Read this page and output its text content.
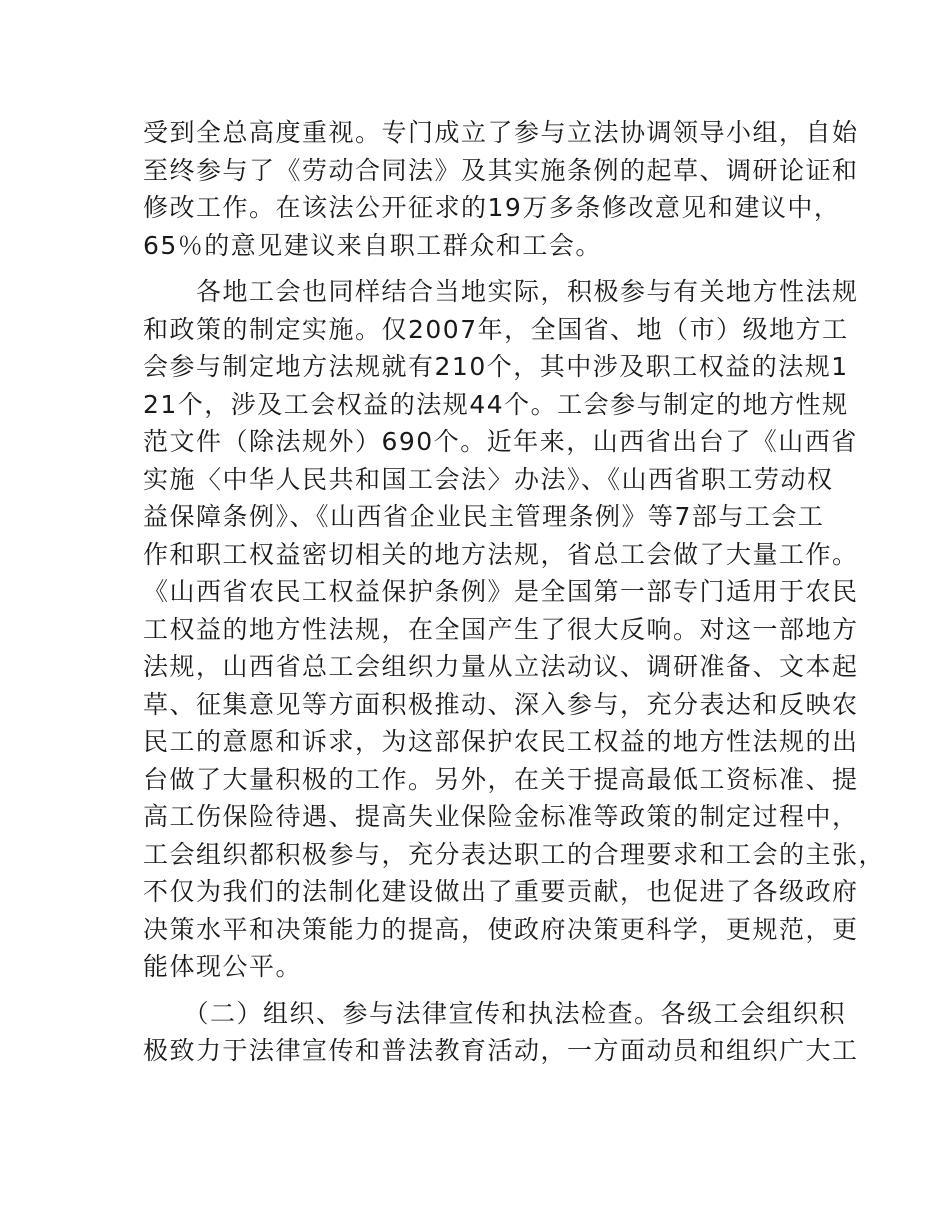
受到全总高度重视。专门成立了参与立法协调领导小组，自始
至终参与了《劳动合同法》及其实施条例的起草、调研论证和
修改工作。在该法公开征求的19万多条修改意见和建议中，
65％的意见建议来自职工群众和工会。
　　各地工会也同样结合当地实际，积极参与有关地方性法规
和政策的制定实施。仅2007年，全国省、地（市）级地方工
会参与制定地方法规就有210个，其中涉及职工权益的法规1
21个，涉及工会权益的法规44个。工会参与制定的地方性规
范文件（除法规外）690个。近年来，山西省出台了《山西省
实施〈中华人民共和国工会法〉办法》、《山西省职工劳动权
益保障条例》、《山西省企业民主管理条例》等7部与工会工
作和职工权益密切相关的地方法规，省总工会做了大量工作。
《山西省农民工权益保护条例》是全国第一部专门适用于农民
工权益的地方性法规，在全国产生了很大反响。对这一部地方
法规，山西省总工会组织力量从立法动议、调研准备、文本起
草、征集意见等方面积极推动、深入参与，充分表达和反映农
民工的意愿和诉求，为这部保护农民工权益的地方性法规的出
台做了大量积极的工作。另外，在关于提高最低工资标准、提
高工伤保险待遇、提高失业保险金标准等政策的制定过程中，
工会组织都积极参与，充分表达职工的合理要求和工会的主张，
不仅为我们的法制化建设做出了重要贡献，也促进了各级政府
决策水平和决策能力的提高，使政府决策更科学，更规范，更
能体现公平。
　　（二）组织、参与法律宣传和执法检查。各级工会组织积
极致力于法律宣传和普法教育活动，一方面动员和组织广大工
